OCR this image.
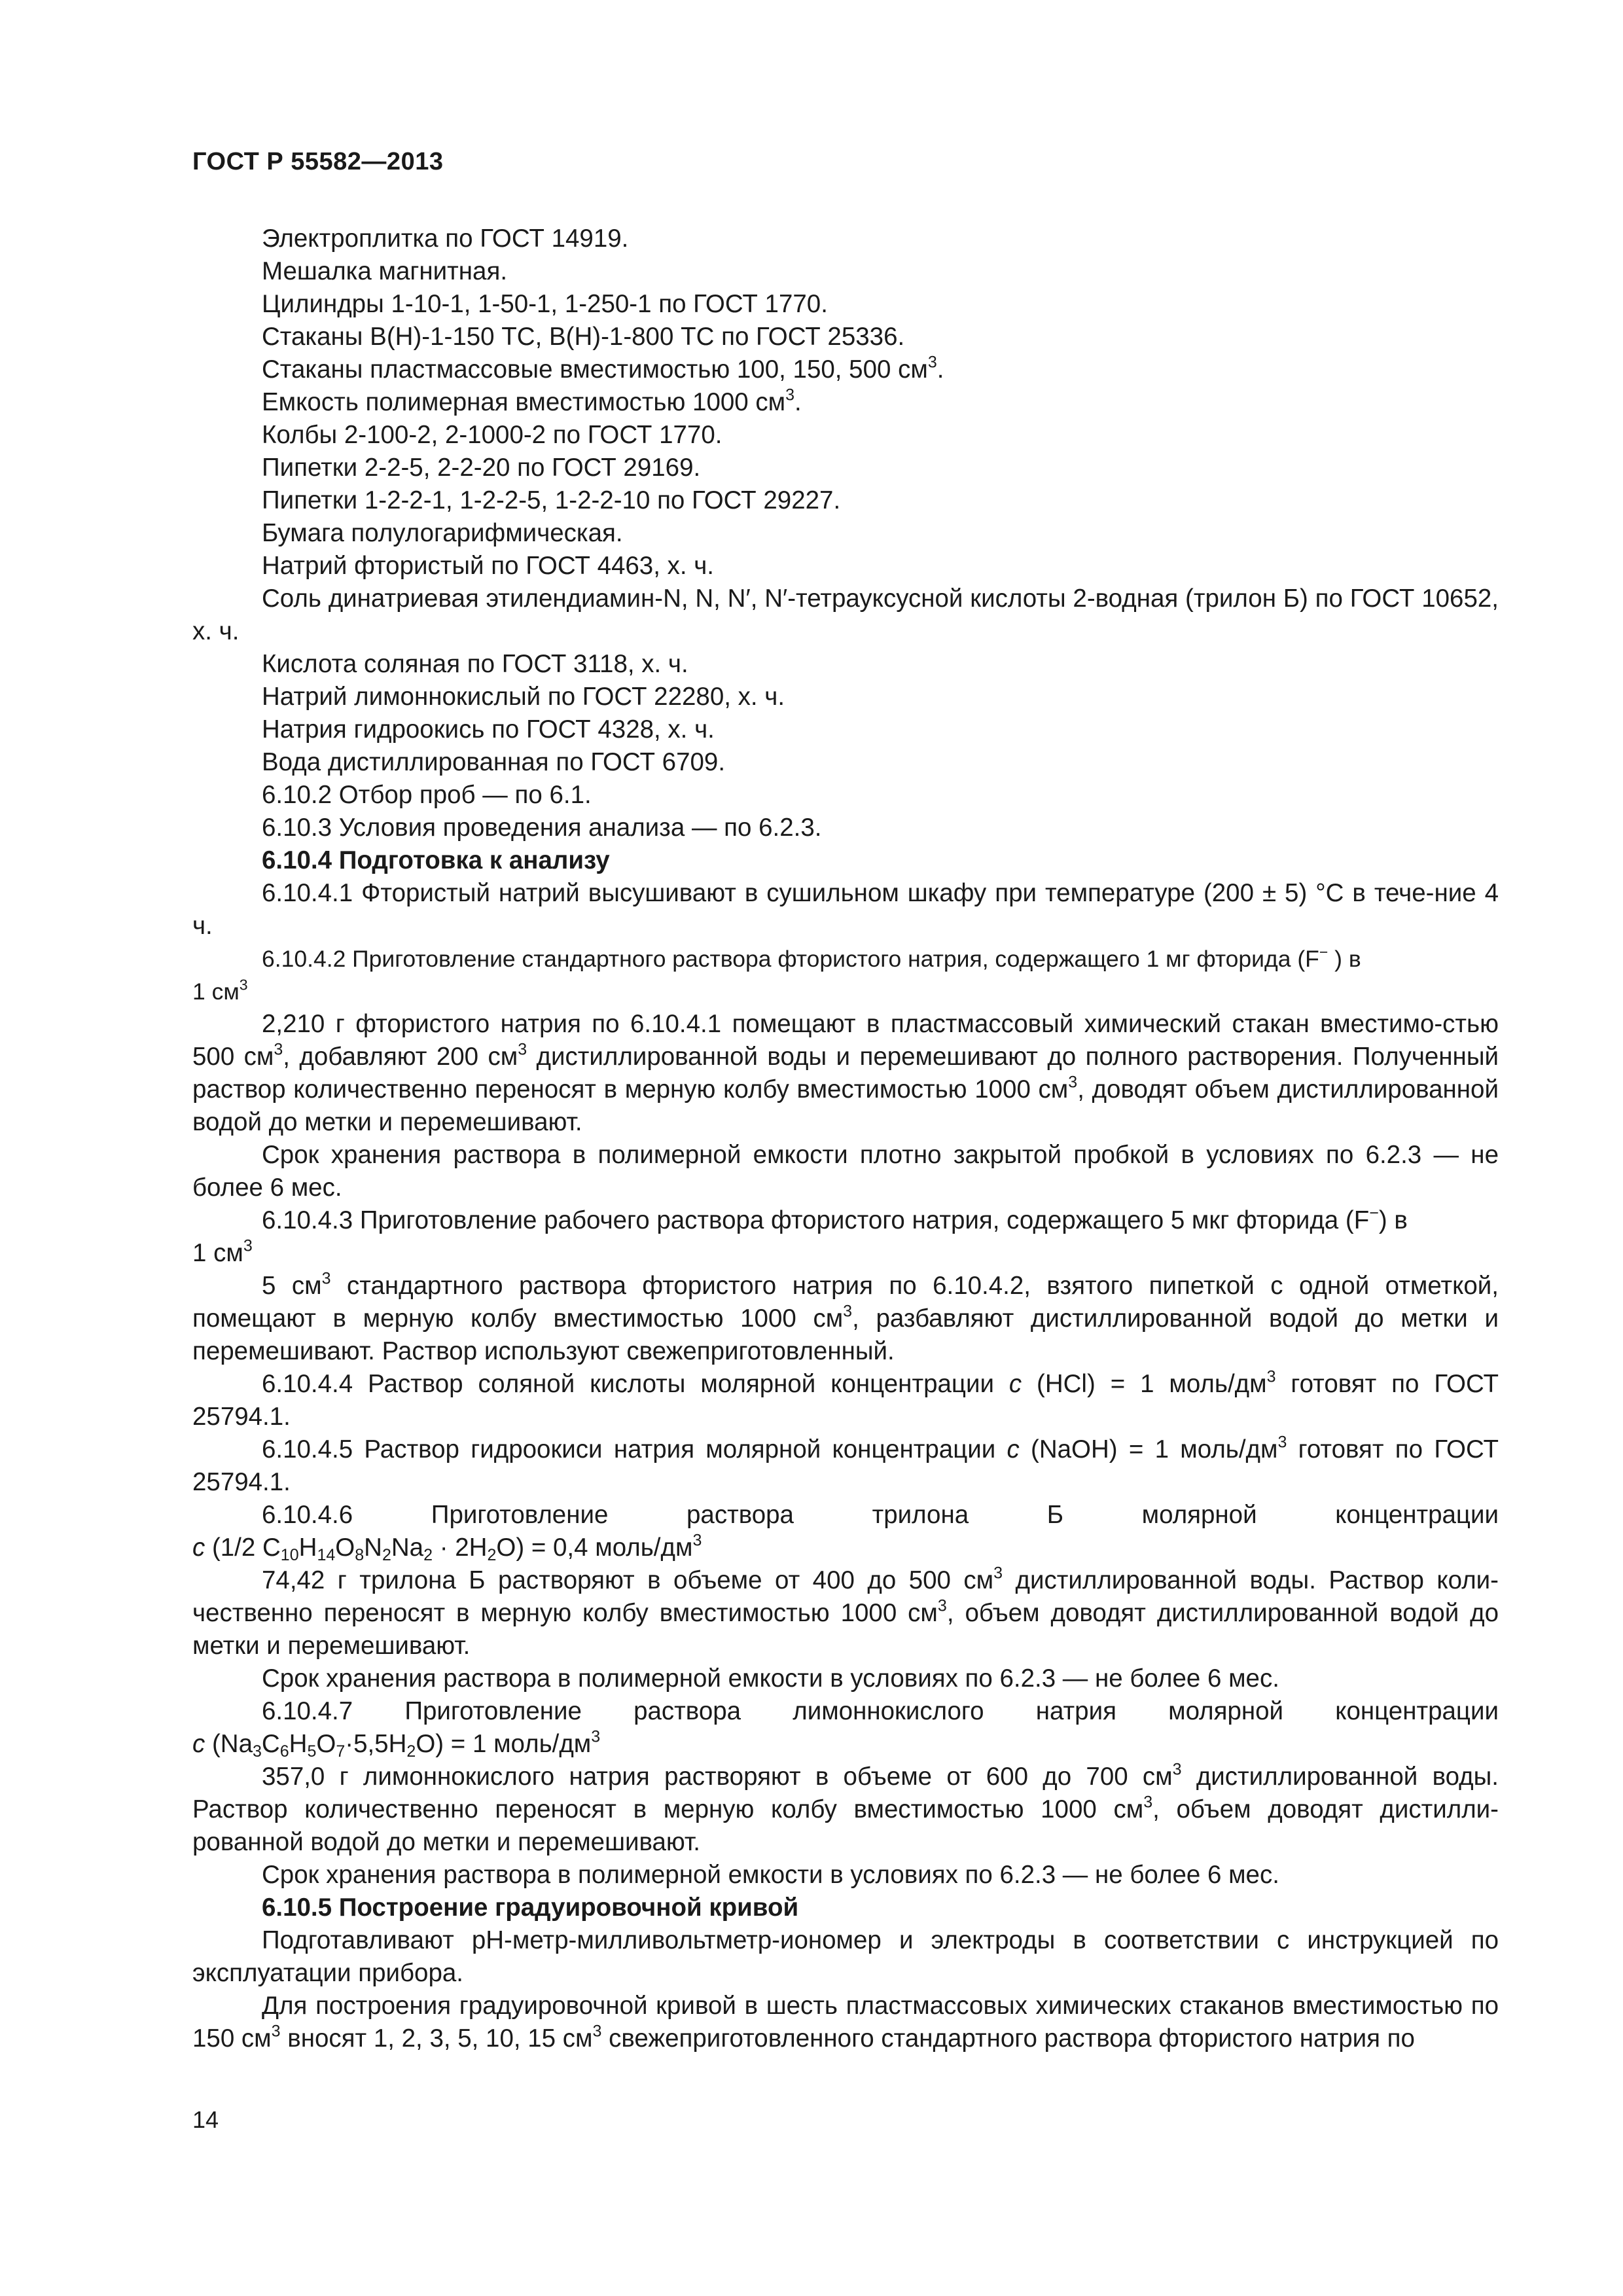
ГОСТ Р 55582—2013

Электроплитка по ГОСТ 14919.

Мешалка магнитная.

Цилиндры 1-10-1, 1-50-1, 1-250-1 по ГОСТ 1770.

Стаканы В(Н)-1-150 ТС, В(Н)-1-800 ТС по ГОСТ 25336.

Стаканы пластмассовые вместимостью 100, 150, 500 $см^3$.

Емкость полимерная вместимостью 1000 $см^3$.

Колбы 2-100-2, 2-1000-2 по ГОСТ 1770.

Пипетки 2-2-5, 2-2-20 по ГОСТ 29169.

Пипетки 1-2-2-1, 1-2-2-5, 1-2-2-10 по ГОСТ 29227.

Бумага полулогарифмическая.

Натрий фтористый по ГОСТ 4463, х. ч.

Соль динатриевая этилендиамин-N, N, N′, N′-тетрауксусной кислоты 2-водная (трилон Б) по ГОСТ 10652, х. ч.

Кислота соляная по ГОСТ 3118, х. ч.

Натрий лимоннокислый по ГОСТ 22280, х. ч.

Натрия гидроокись по ГОСТ 4328, х. ч.

Вода дистиллированная по ГОСТ 6709.

6.10.2 Отбор проб — по 6.1.

6.10.3 Условия проведения анализа — по 6.2.3.

6.10.4 Подготовка к анализу

6.10.4.1 Фтористый натрий высушивают в сушильном шкафу при температуре (200 ± 5) °С в тече-ние 4 ч.

6.10.4.2 Приготовление стандартного раствора фтористого натрия, содержащего 1 мг фторида (F− ) в
1 $см^3$

2,210 г фтористого натрия по 6.10.4.1 помещают в пластмассовый химический стакан вместимо-стью 500 $см^3$, добавляют 200 $см^3$ дистиллированной воды и перемешивают до полного растворения. Полученный раствор количественно переносят в мерную колбу вместимостью 1000 $см^3$, доводят объем дистиллированной водой до метки и перемешивают.

Срок хранения раствора в полимерной емкости плотно закрытой пробкой в условиях по 6.2.3 — не более 6 мес.

6.10.4.3 Приготовление рабочего раствора фтористого натрия, содержащего 5 мкг фторида (F−) в
1 $см^3$

5 $см^3$ стандартного раствора фтористого натрия по 6.10.4.2, взятого пипеткой с одной отметкой, помещают в мерную колбу вместимостью 1000 $см^3$, разбавляют дистиллированной водой до метки и перемешивают. Раствор используют свежеприготовленный.

6.10.4.4 Раствор соляной кислоты молярной концентрации с (HCl) = 1 моль/$дм^3$ готовят по ГОСТ 25794.1.

6.10.4.5 Раствор гидроокиси натрия молярной концентрации с (NaOH) = 1 моль/$дм^3$ готовят по ГОСТ 25794.1.

6.10.4.6 Приготовление раствора трилона Б молярной концентрации

с (1/2 $С_{10}H_{14}O_8N_2Na_2 \cdot 2H_2O) = 0,4$ моль/$дм^3$

74,42 г трилона Б растворяют в объеме от 400 до 500 $см^3$ дистиллированной воды. Раствор коли-чественно переносят в мерную колбу вместимостью 1000 $см^3$, объем доводят дистиллированной водой до метки и перемешивают.

Срок хранения раствора в полимерной емкости в условиях по 6.2.3 — не более 6 мес.

6.10.4.7 Приготовление раствора лимоннокислого натрия молярной концентрации

с $(Na_3C_6H_5O_7\cdot 5,5H_2O) = 1$ моль/$дм^3$

357,0 г лимоннокислого натрия растворяют в объеме от 600 до 700 $см^3$ дистиллированной воды. Раствор количественно переносят в мерную колбу вместимостью 1000 $см^3$, объем доводят дистилли-рованной водой до метки и перемешивают.

Срок хранения раствора в полимерной емкости в условиях по 6.2.3 — не более 6 мес.

6.10.5 Построение градуировочной кривой

Подготавливают рН-метр-милливольтметр-иономер и электроды в соответствии с инструкцией по эксплуатации прибора.

Для построения градуировочной кривой в шесть пластмассовых химических стаканов вместимостью по 150 $см^3$ вносят 1, 2, 3, 5, 10, 15 $см^3$ свежеприготовленного стандартного раствора фтористого натрия по

14
